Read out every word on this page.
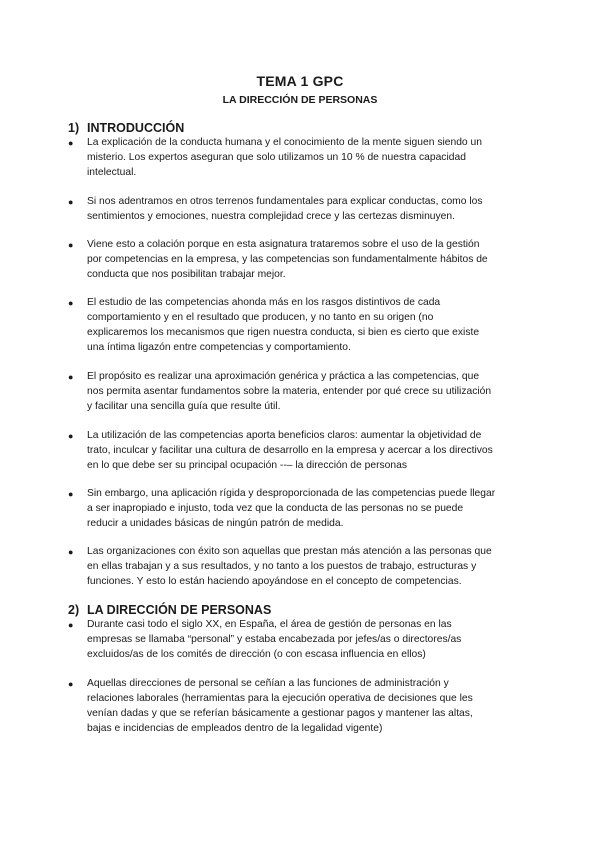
TEMA 1 GPC
LA DIRECCIÓN DE PERSONAS
1) INTRODUCCIÓN
● La explicación de la conducta humana y el conocimiento de la mente siguen siendo un
misterio. Los expertos aseguran que solo utilizamos un 10 % de nuestra capacidad
intelectual.
● Si nos adentramos en otros terrenos fundamentales para explicar conductas, como los
sentimientos y emociones, nuestra complejidad crece y las certezas disminuyen.
● Viene esto a colación porque en esta asignatura trataremos sobre el uso de la gestión
por competencias en la empresa, y las competencias son fundamentalmente hábitos de
conducta que nos posibilitan trabajar mejor.
● El estudio de las competencias ahonda más en los rasgos distintivos de cada
comportamiento y en el resultado que producen, y no tanto en su origen (no
explicaremos los mecanismos que rigen nuestra conducta, si bien es cierto que existe
una íntima ligazón entre competencias y comportamiento.
● El propósito es realizar una aproximación genérica y práctica a las competencias, que
nos permita asentar fundamentos sobre la materia, entender por qué crece su utilización
y facilitar una sencilla guía que resulte útil.
● La utilización de las competencias aporta beneficios claros: aumentar la objetividad de
trato, inculcar y facilitar una cultura de desarrollo en la empresa y acercar a los directivos
en lo que debe ser su principal ocupación --– la dirección de personas
● Sin embargo, una aplicación rígida y desproporcionada de las competencias puede llegar
a ser inapropiado e injusto, toda vez que la conducta de las personas no se puede
reducir a unidades básicas de ningún patrón de medida.
● Las organizaciones con éxito son aquellas que prestan más atención a las personas que
en ellas trabajan y a sus resultados, y no tanto a los puestos de trabajo, estructuras y
funciones. Y esto lo están haciendo apoyándose en el concepto de competencias.
2) LA DIRECCIÓN DE PERSONAS
● Durante casi todo el siglo XX, en España, el área de gestión de personas en las
empresas se llamaba “personal” y estaba encabezada por jefes/as o directores/as
excluidos/as de los comités de dirección (o con escasa influencia en ellos)
● Aquellas direcciones de personal se ceñían a las funciones de administración y
relaciones laborales (herramientas para la ejecución operativa de decisiones que les
venían dadas y que se referían básicamente a gestionar pagos y mantener las altas,
bajas e incidencias de empleados dentro de la legalidad vigente)
